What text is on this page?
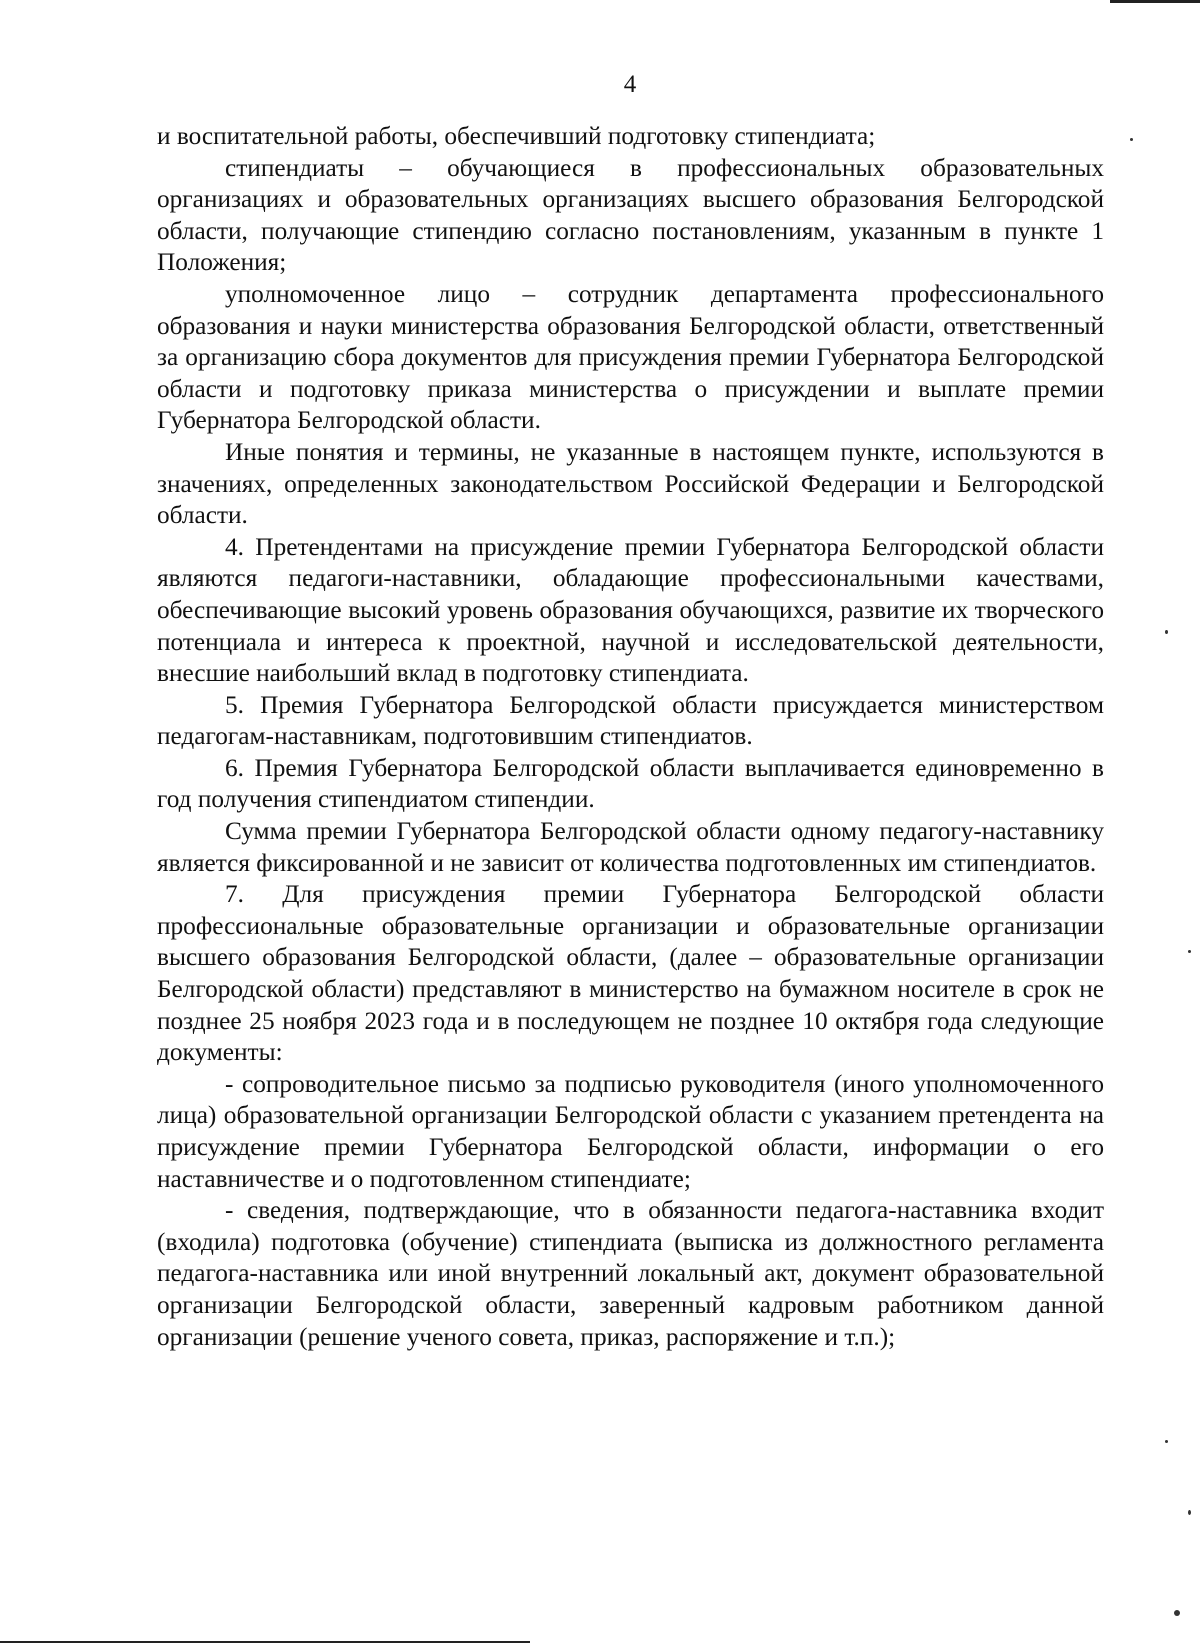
4

и воспитательной работы, обеспечивший подготовку стипендиата;

стипендиаты – обучающиеся в профессиональных образовательных организациях и образовательных организациях высшего образования Белгородской области, получающие стипендию согласно постановлениям, указанным в пункте 1 Положения;

уполномоченное лицо – сотрудник департамента профессионального образования и науки министерства образования Белгородской области, ответственный за организацию сбора документов для присуждения премии Губернатора Белгородской области и подготовку приказа министерства о присуждении и выплате премии Губернатора Белгородской области.

Иные понятия и термины, не указанные в настоящем пункте, используются в значениях, определенных законодательством Российской Федерации и Белгородской области.

4. Претендентами на присуждение премии Губернатора Белгородской области являются педагоги-наставники, обладающие профессиональными качествами, обеспечивающие высокий уровень образования обучающихся, развитие их творческого потенциала и интереса к проектной, научной и исследовательской деятельности, внесшие наибольший вклад в подготовку стипендиата.

5. Премия Губернатора Белгородской области присуждается министерством педагогам-наставникам, подготовившим стипендиатов.

6. Премия Губернатора Белгородской области выплачивается единовременно в год получения стипендиатом стипендии.

Сумма премии Губернатора Белгородской области одному педагогу-наставнику является фиксированной и не зависит от количества подготовленных им стипендиатов.

7. Для присуждения премии Губернатора Белгородской области профессиональные образовательные организации и образовательные организации высшего образования Белгородской области, (далее – образовательные организации Белгородской области) представляют в министерство на бумажном носителе в срок не позднее 25 ноября 2023 года и в последующем не позднее 10 октября года следующие документы:

- сопроводительное письмо за подписью руководителя (иного уполномоченного лица) образовательной организации Белгородской области с указанием претендента на присуждение премии Губернатора Белгородской области, информации о его наставничестве и о подготовленном стипендиате;

- сведения, подтверждающие, что в обязанности педагога-наставника входит (входила) подготовка (обучение) стипендиата (выписка из должностного регламента педагога-наставника или иной внутренний локальный акт, документ образовательной организации Белгородской области, заверенный кадровым работником данной организации (решение ученого совета, приказ, распоряжение и т.п.);
